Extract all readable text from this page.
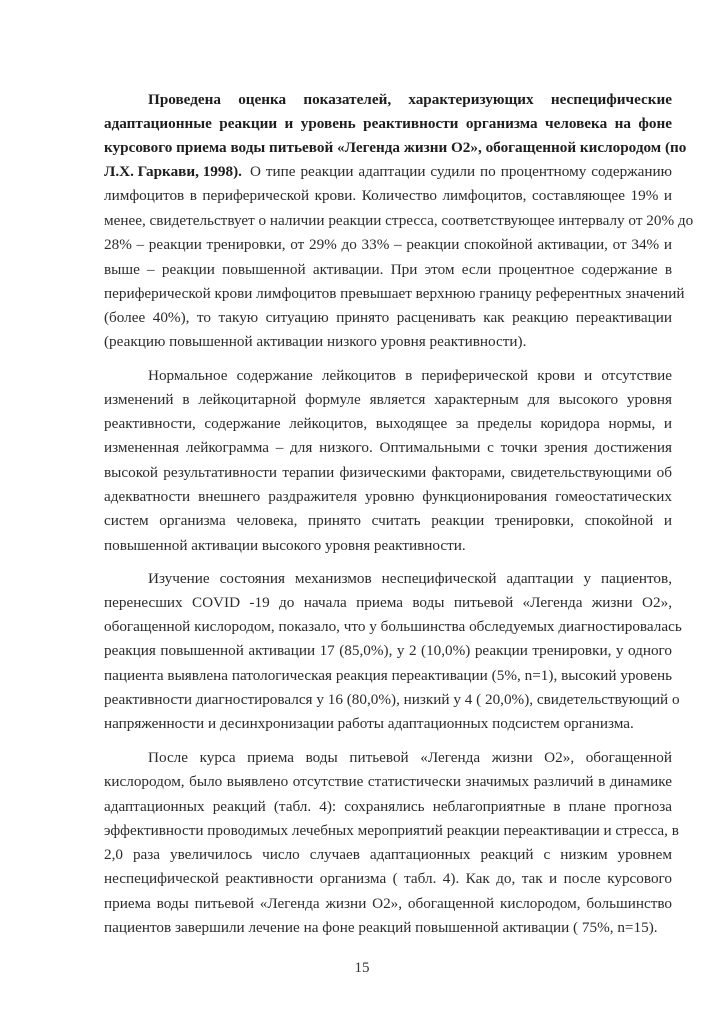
Проведена оценка показателей, характеризующих неспецифические
адаптационные реакции и уровень реактивности организма человека на фоне
курсового приема воды питьевой «Легенда жизни О2», обогащенной кислородом (по
Л.Х. Гаркави, 1998). О типе реакции адаптации судили по процентному содержанию
лимфоцитов в периферической крови. Количество лимфоцитов, составляющее 19% и
менее, свидетельствует о наличии реакции стресса, соответствующее интервалу от 20% до
28% – реакции тренировки, от 29% до 33% – реакции спокойной активации, от 34% и
выше – реакции повышенной активации. При этом если процентное содержание в
периферической крови лимфоцитов превышает верхнюю границу референтных значений
(более 40%), то такую ситуацию принято расценивать как реакцию переактивации
(реакцию повышенной активации низкого уровня реактивности).
Нормальное содержание лейкоцитов в периферической крови и отсутствие
изменений в лейкоцитарной формуле является характерным для высокого уровня
реактивности, содержание лейкоцитов, выходящее за пределы коридора нормы, и
измененная лейкограмма – для низкого. Оптимальными с точки зрения достижения
высокой результативности терапии физическими факторами, свидетельствующими об
адекватности внешнего раздражителя уровню функционирования гомеостатических
систем организма человека, принято считать реакции тренировки, спокойной и
повышенной активации высокого уровня реактивности.
Изучение состояния механизмов неспецифической адаптации у пациентов,
перенесших COVID -19 до начала приема воды питьевой «Легенда жизни О2»,
обогащенной кислородом, показало, что у большинства обследуемых диагностировалась
реакция повышенной активации 17 (85,0%), у 2 (10,0%) реакции тренировки, у одного
пациента выявлена патологическая реакция переактивации (5%, n=1), высокий уровень
реактивности диагностировался у 16 (80,0%), низкий у 4 ( 20,0%), свидетельствующий о
напряженности и десинхронизации работы адаптационных подсистем организма.
После курса приема воды питьевой «Легенда жизни О2», обогащенной
кислородом, было выявлено отсутствие статистически значимых различий в динамике
адаптационных реакций (табл. 4): сохранялись неблагоприятные в плане прогноза
эффективности проводимых лечебных мероприятий реакции переактивации и стресса, в
2,0 раза увеличилось число случаев адаптационных реакций с низким уровнем
неспецифической реактивности организма ( табл. 4). Как до, так и после курсового
приема воды питьевой «Легенда жизни О2», обогащенной кислородом, большинство
пациентов завершили лечение на фоне реакций повышенной активации ( 75%, n=15).
15
